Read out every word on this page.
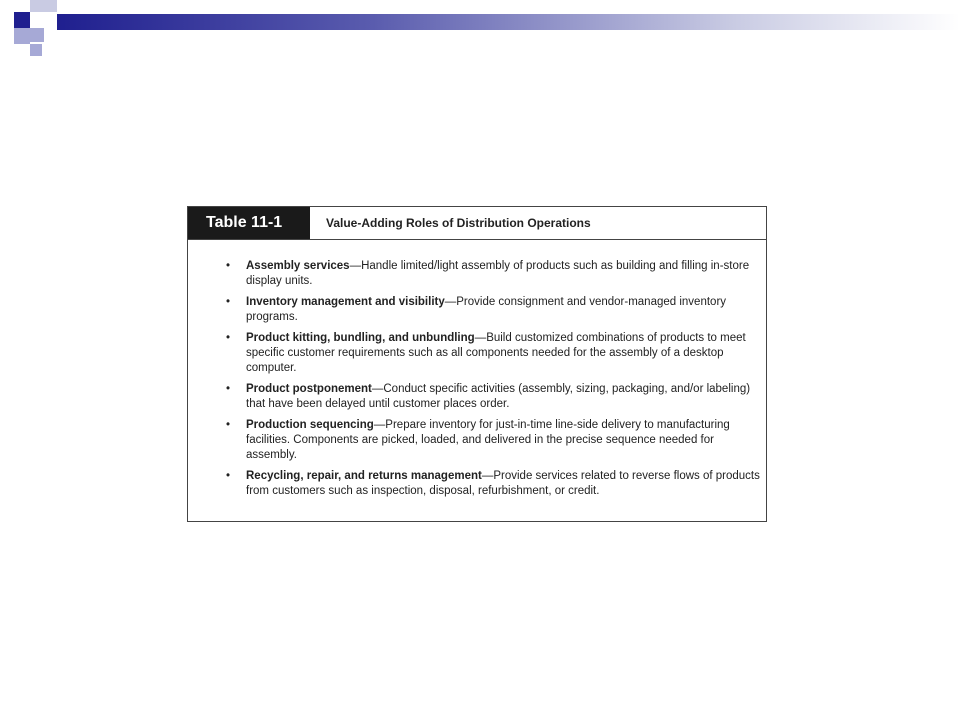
Table 11-1	Value-Adding Roles of Distribution Operations
• Assembly services—Handle limited/light assembly of products such as building and filling in-store display units.
• Inventory management and visibility—Provide consignment and vendor-managed inventory programs.
• Product kitting, bundling, and unbundling—Build customized combinations of products to meet specific customer requirements such as all components needed for the assembly of a desktop computer.
• Product postponement—Conduct specific activities (assembly, sizing, packaging, and/or labeling) that have been delayed until customer places order.
• Production sequencing—Prepare inventory for just-in-time line-side delivery to manufacturing facilities. Components are picked, loaded, and delivered in the precise sequence needed for assembly.
• Recycling, repair, and returns management—Provide services related to reverse flows of products from customers such as inspection, disposal, refurbishment, or credit.
